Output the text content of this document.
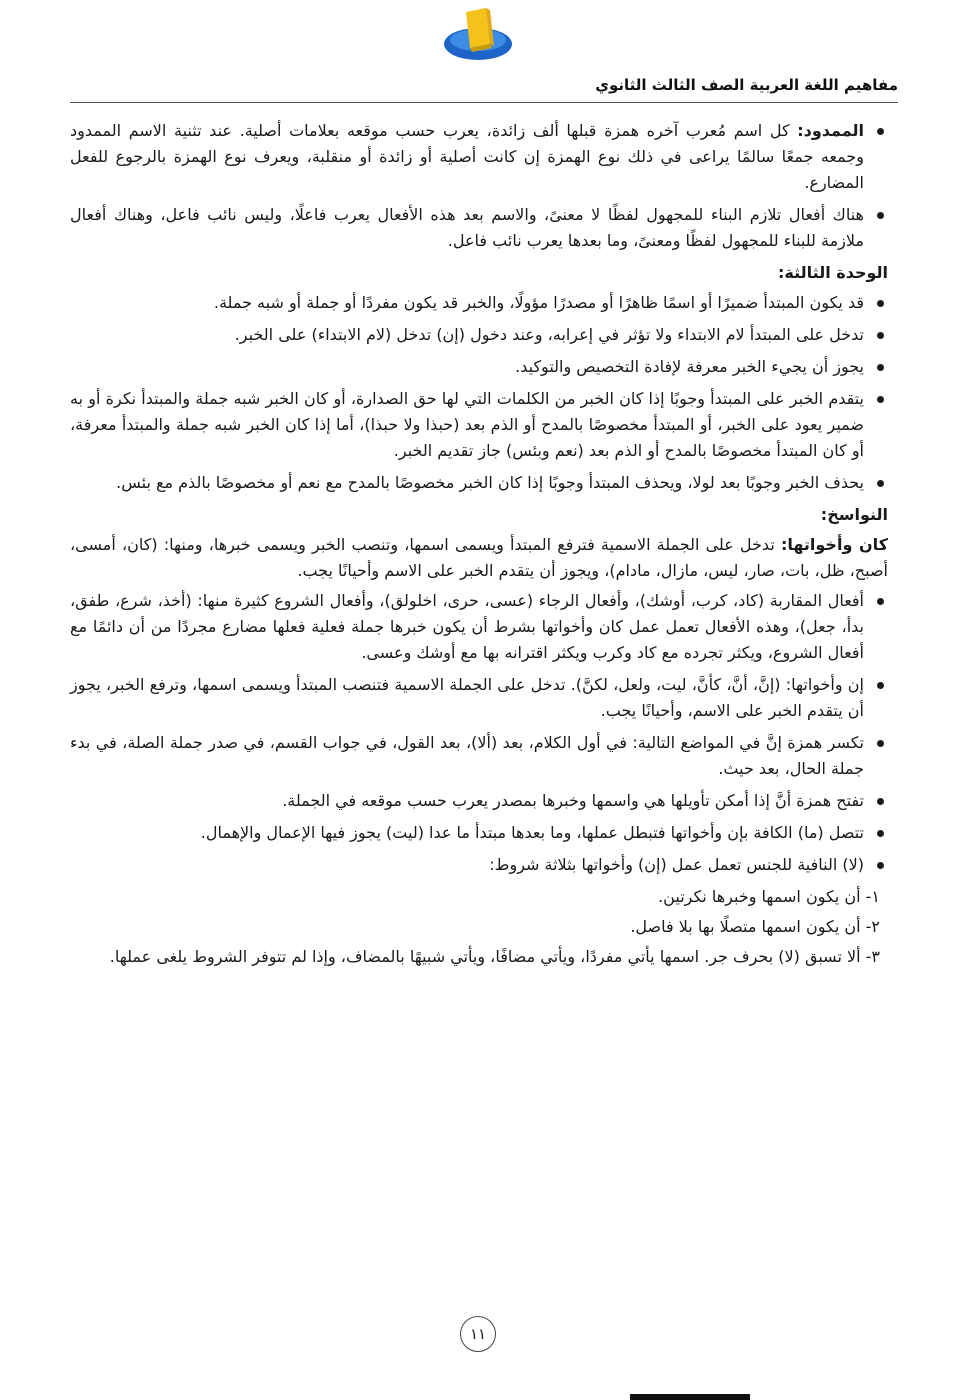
مفاهيم اللغة العربية الصف الثالث الثانوي
الممدود: كل اسم مُعرب آخره همزة قبلها ألف زائدة، يعرب حسب موقعه بعلامات أصلية. عند تثنية الاسم الممدود وجمعه جمعًا سالمًا يراعى في ذلك نوع الهمزة إن كانت أصلية أو زائدة أو منقلبة، ويعرف نوع الهمزة بالرجوع للفعل المضارع.
هناك أفعال تلازم البناء للمجهول لفظًا لا معنىً، والاسم بعد هذه الأفعال يعرب فاعلًا، وليس نائب فاعل، وهناك أفعال ملازمة للبناء للمجهول لفظًا ومعنىً، وما بعدها يعرب نائب فاعل.
الوحدة الثالثة:
قد يكون المبتدأ ضميرًا أو اسمًا ظاهرًا أو مصدرًا مؤولًا، والخبر قد يكون مفردًا أو جملة أو شبه جملة.
تدخل على المبتدأ لام الابتداء ولا تؤثر في إعرابه، وعند دخول (إن) تدخل (لام الابتداء) على الخبر.
يجوز أن يجيء الخبر معرفة لإفادة التخصيص والتوكيد.
يتقدم الخبر على المبتدأ وجوبًا إذا كان الخبر من الكلمات التي لها حق الصدارة، أو كان الخبر شبه جملة والمبتدأ نكرة أو به ضمير يعود على الخبر، أو المبتدأ مخصوصًا بالمدح أو الذم بعد (حبذا ولا حبذا)، أما إذا كان الخبر شبه جملة والمبتدأ معرفة، أو كان المبتدأ مخصوصًا بالمدح أو الذم بعد (نعم وبئس) جاز تقديم الخبر.
يحذف الخبر وجوبًا بعد لولا، ويحذف المبتدأ وجوبًا إذا كان الخبر مخصوصًا بالمدح مع نعم أو مخصوصًا بالذم مع بئس.
النواسخ:
كان وأخواتها: تدخل على الجملة الاسمية فترفع المبتدأ ويسمى اسمها، وتنصب الخبر ويسمى خبرها، ومنها: (كان، أمسى، أصبح، ظل، بات، صار، ليس، مازال، مادام)، ويجوز أن يتقدم الخبر على الاسم وأحيانًا يجب.
أفعال المقاربة (كاد، كرب، أوشك)، وأفعال الرجاء (عسى، حرى، اخلولق)، وأفعال الشروع كثيرة منها: (أخذ، شرع، طفق، بدأ، جعل)، وهذه الأفعال تعمل عمل كان وأخواتها بشرط أن يكون خبرها جملة فعلية فعلها مضارع مجردًا من أن دائمًا مع أفعال الشروع، ويكثر تجرده مع كاد وكرب ويكثر اقترانه بها مع أوشك وعسى.
إن وأخواتها: (إنَّ، أنَّ، كأنَّ، ليت، ولعل، لكنَّ). تدخل على الجملة الاسمية فتنصب المبتدأ ويسمى اسمها، وترفع الخبر، يجوز أن يتقدم الخبر على الاسم، وأحيانًا يجب.
تكسر همزة إنَّ في المواضع التالية: في أول الكلام، بعد (ألا)، بعد القول، في جواب القسم، في صدر جملة الصلة، في بدء جملة الحال، بعد حيث.
تفتح همزة أنَّ إذا أمكن تأويلها هي واسمها وخبرها بمصدر يعرب حسب موقعه في الجملة.
تتصل (ما) الكافة بإن وأخواتها فتبطل عملها، وما بعدها مبتدأ ما عدا (ليت) يجوز فيها الإعمال والإهمال.
(لا) النافية للجنس تعمل عمل (إن) وأخواتها بثلاثة شروط:
١- أن يكون اسمها وخبرها نكرتين.
٢- أن يكون اسمها متصلًا بها بلا فاصل.
٣- ألا تسبق (لا) بحرف جر. اسمها يأتي مفردًا، ويأتي مضافًا، ويأتي شبيهًا بالمضاف، وإذا لم تتوفر الشروط يلغى عملها.
١١
